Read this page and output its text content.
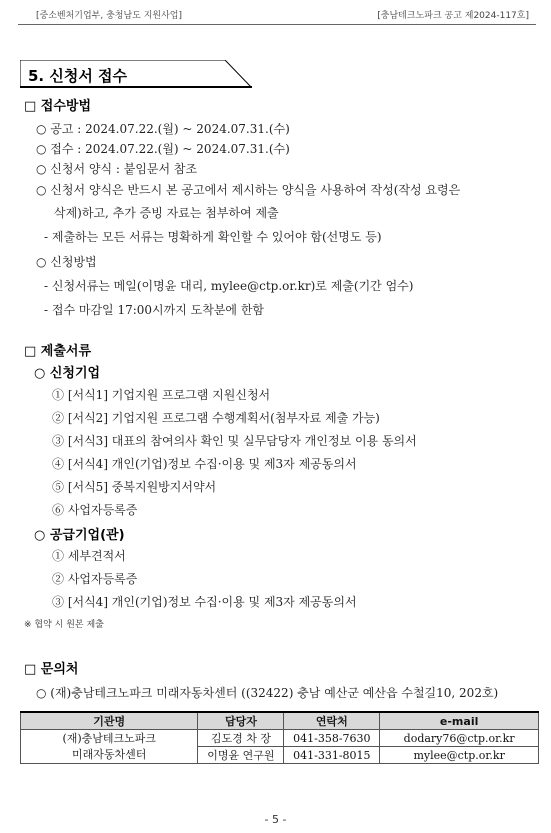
[중소벤처기업부, 충청남도 지원사업]	[충남테크노파크 공고 제2024-117호]
5. 신청서 접수
□ 접수방법
○ 공고 : 2024.07.22.(월) ~ 2024.07.31.(수)
○ 접수 : 2024.07.22.(월) ~ 2024.07.31.(수)
○ 신청서 양식 : 붙임문서 참조
○ 신청서 양식은 반드시 본 공고에서 제시하는 양식을 사용하여 작성(작성 요령은
삭제)하고, 추가 증빙 자료는 첨부하여 제출
- 제출하는 모든 서류는 명확하게 확인할 수 있어야 함(선명도 등)
○ 신청방법
- 신청서류는 메일(이명윤 대리, mylee@ctp.or.kr)로 제출(기간 엄수)
- 접수 마감일 17:00시까지 도착분에 한함
□ 제출서류
○ 신청기업
① [서식1] 기업지원 프로그램 지원신청서
② [서식2] 기업지원 프로그램 수행계획서(첨부자료 제출 가능)
③ [서식3] 대표의 참여의사 확인 및 실무담당자 개인정보 이용 동의서
④ [서식4] 개인(기업)정보 수집·이용 및 제3자 제공동의서
⑤ [서식5] 중복지원방지서약서
⑥ 사업자등록증
○ 공급기업(관)
① 세부견적서
② 사업자등록증
③ [서식4] 개인(기업)정보 수집·이용 및 제3자 제공동의서
※ 협약 시 원본 제출
□ 문의처
○ (재)충남테크노파크 미래자동차센터 ((32422) 충남 예산군 예산읍 수철길10, 202호)
기관명	담당자	연락처	e-mail
(재)충남테크노파크
미래자동차센터	김도경 차 장	041-358-7630	dodary76@ctp.or.kr
	이명윤 연구원	041-331-8015	mylee@ctp.or.kr
- 5 -
